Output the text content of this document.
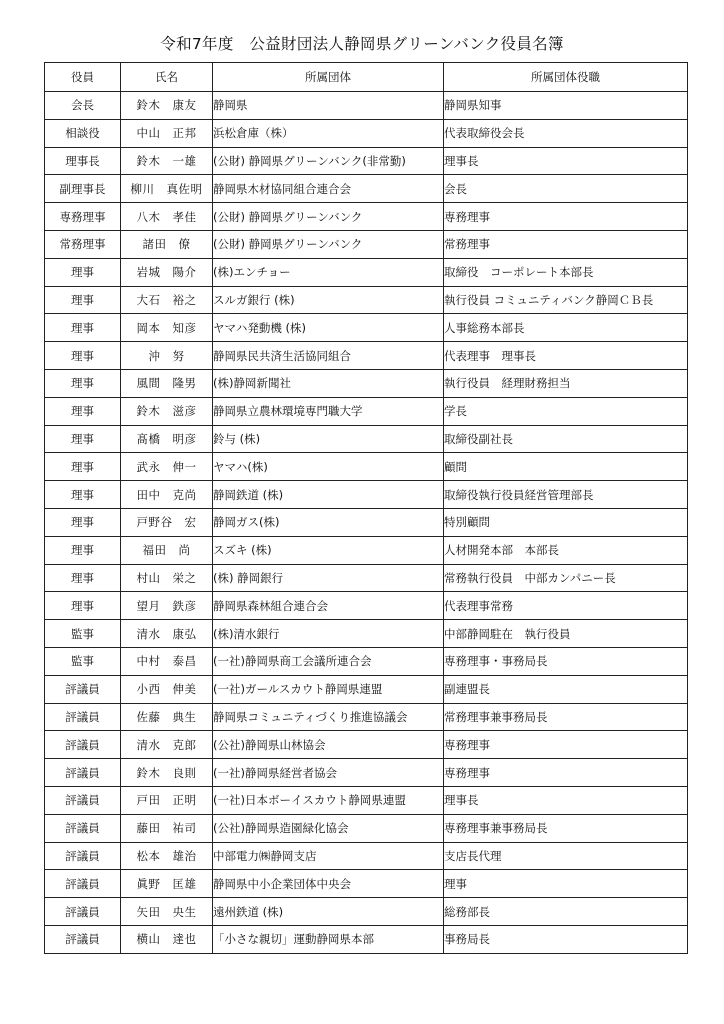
令和7年度　公益財団法人静岡県グリーンバンク役員名簿
役員	氏名	所属団体	所属団体役職
会長	鈴木　康友	静岡県	静岡県知事
相談役	中山　正邦	浜松倉庫（株）	代表取締役会長
理事長	鈴木　一雄	(公財) 静岡県グリーンバンク(非常勤)	理事長
副理事長	柳川　真佐明	静岡県木材協同組合連合会	会長
専務理事	八木　孝佳	(公財) 静岡県グリーンバンク	専務理事
常務理事	諸田　僚	(公財) 静岡県グリーンバンク	常務理事
理事	岩城　陽介	(株)エンチョー	取締役　コーポレート本部長
理事	大石　裕之	スルガ銀行 (株)	執行役員 コミュニティバンク静岡ＣＢ長
理事	岡本　知彦	ヤマハ発動機 (株)	人事総務本部長
理事	沖　努	静岡県民共済生活協同組合	代表理事　理事長
理事	風間　隆男	(株)静岡新聞社	執行役員　経理財務担当
理事	鈴木　滋彦	静岡県立農林環境専門職大学	学長
理事	髙橋　明彦	鈴与 (株)	取締役副社長
理事	武永　伸一	ヤマハ(株)	顧問
理事	田中　克尚	静岡鉄道 (株)	取締役執行役員経営管理部長
理事	戸野谷　宏	静岡ガス(株)	特別顧問
理事	福田　尚	スズキ (株)	人材開発本部　本部長
理事	村山　栄之	(株) 静岡銀行	常務執行役員　中部カンパニー長
理事	望月　鉄彦	静岡県森林組合連合会	代表理事常務
監事	清水　康弘	(株)清水銀行	中部静岡駐在　執行役員
監事	中村　泰昌	(一社)静岡県商工会議所連合会	専務理事・事務局長
評議員	小西　伸美	(一社)ガールスカウト静岡県連盟	副連盟長
評議員	佐藤　典生	静岡県コミュニティづくり推進協議会	常務理事兼事務局長
評議員	清水　克郎	(公社)静岡県山林協会	専務理事
評議員	鈴木　良則	(一社)静岡県経営者協会	専務理事
評議員	戸田　正明	(一社)日本ボーイスカウト静岡県連盟	理事長
評議員	藤田　祐司	(公社)静岡県造園緑化協会	専務理事兼事務局長
評議員	松本　雄治	中部電力㈱静岡支店	支店長代理
評議員	眞野　匡雄	静岡県中小企業団体中央会	理事
評議員	矢田　央生	遠州鉄道 (株)	総務部長
評議員	横山　達也	「小さな親切」運動静岡県本部	事務局長
